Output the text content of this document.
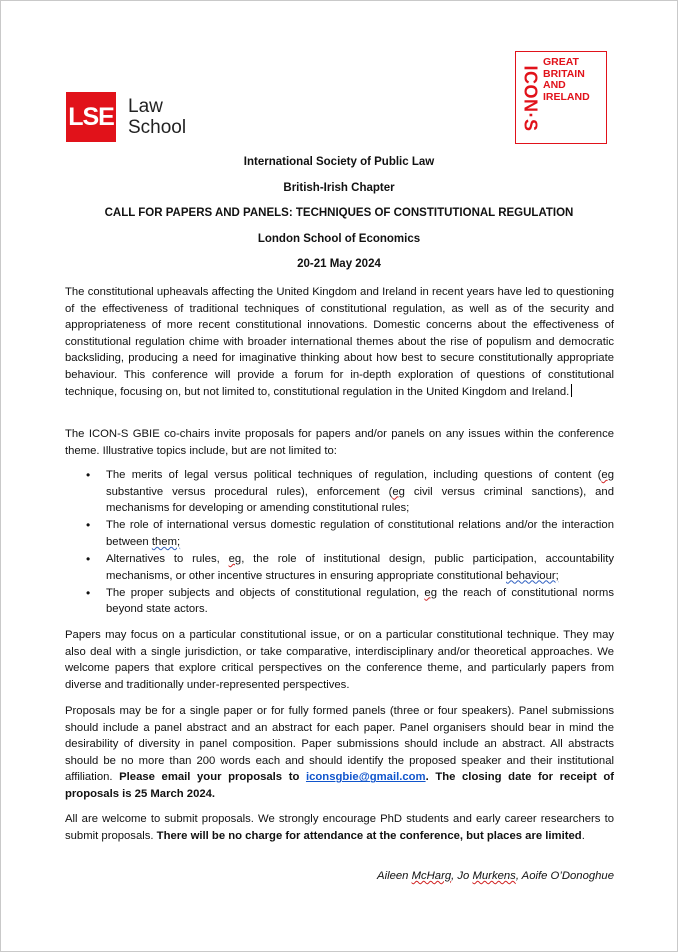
LSE Law
School	ICON·S
GREAT
BRITAIN
AND
IRELAND
International Society of Public Law
British-Irish Chapter
CALL FOR PAPERS AND PANELS: TECHNIQUES OF CONSTITUTIONAL REGULATION
London School of Economics
20-21 May 2024

The constitutional upheavals affecting the United Kingdom and Ireland in recent years have led to questioning of the effectiveness of traditional techniques of constitutional regulation, as well as of the security and appropriateness of more recent constitutional innovations. Domestic concerns about the effectiveness of constitutional regulation chime with broader international themes about the rise of populism and democratic backsliding, producing a need for imaginative thinking about how best to secure constitutionally appropriate behaviour. This conference will provide a forum for in-depth exploration of questions of constitutional technique, focusing on, but not limited to, constitutional regulation in the United Kingdom and Ireland.

The ICON-S GBIE co-chairs invite proposals for papers and/or panels on any issues within the conference theme. Illustrative topics include, but are not limited to:

• The merits of legal versus political techniques of regulation, including questions of content (eg substantive versus procedural rules), enforcement (eg civil versus criminal sanctions), and mechanisms for developing or amending constitutional rules;
• The role of international versus domestic regulation of constitutional relations and/or the interaction between them;
• Alternatives to rules, eg, the role of institutional design, public participation, accountability mechanisms, or other incentive structures in ensuring appropriate constitutional behaviour;
• The proper subjects and objects of constitutional regulation, eg the reach of constitutional norms beyond state actors.

Papers may focus on a particular constitutional issue, or on a particular constitutional technique. They may also deal with a single jurisdiction, or take comparative, interdisciplinary and/or theoretical approaches. We welcome papers that explore critical perspectives on the conference theme, and particularly papers from diverse and traditionally under-represented perspectives.

Proposals may be for a single paper or for fully formed panels (three or four speakers). Panel submissions should include a panel abstract and an abstract for each paper. Panel organisers should bear in mind the desirability of diversity in panel composition. Paper submissions should include an abstract. All abstracts should be no more than 200 words each and should identify the proposed speaker and their institutional affiliation. Please email your proposals to iconsgbie@gmail.com. The closing date for receipt of proposals is 25 March 2024.

All are welcome to submit proposals. We strongly encourage PhD students and early career researchers to submit proposals. There will be no charge for attendance at the conference, but places are limited.

Aileen McHarg, Jo Murkens, Aoife O’Donoghue
